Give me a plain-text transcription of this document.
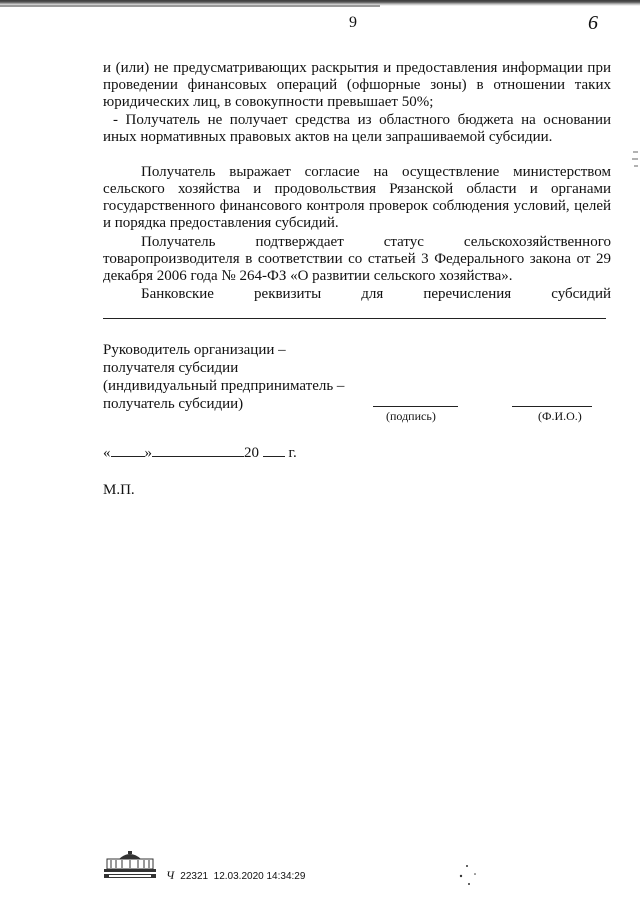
9	6

и (или) не предусматривающих раскрытия и предоставления информации при проведении финансовых операций (офшорные зоны) в отношении таких юридических лиц, в совокупности превышает 50%;

- Получатель не получает средства из областного бюджета на основании иных нормативных правовых актов на цели запрашиваемой субсидии.

Получатель выражает согласие на осуществление министерством сельского хозяйства и продовольствия Рязанской области и органами государственного финансового контроля проверок соблюдения условий, целей и порядка предоставления субсидий.

Получатель подтверждает статус сельскохозяйственного товаропроизводителя в соответствии со статьей 3 Федерального закона от 29 декабря 2006 года № 264-ФЗ «О развитии сельского хозяйства».

Банковские реквизиты для перечисления субсидий

Руководитель организации –
получателя субсидии
(индивидуальный предприниматель –
получатель субсидии)
(подпись)	(Ф.И.О.)
« »	20 г.
М.П.
Ч 22321 12.03.2020 14:34:29
